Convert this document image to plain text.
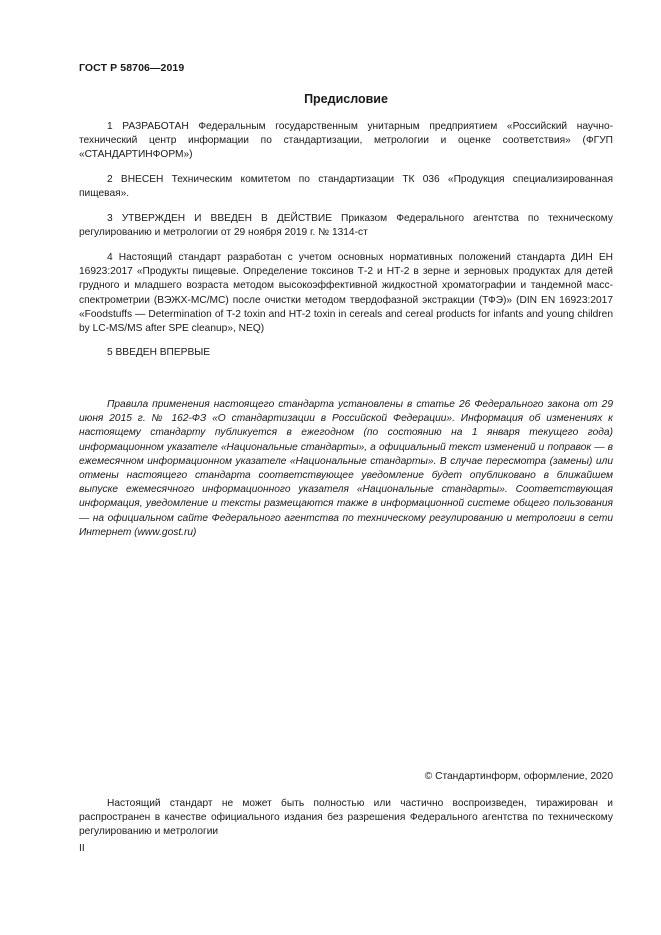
ГОСТ Р 58706—2019
Предисловие

1 РАЗРАБОТАН Федеральным государственным унитарным предприятием «Российский научно-технический центр информации по стандартизации, метрологии и оценке соответствия» (ФГУП «СТАНДАРТИНФОРМ»)

2 ВНЕСЕН Техническим комитетом по стандартизации ТК 036 «Продукция специализированная пищевая».

3 УТВЕРЖДЕН И ВВЕДЕН В ДЕЙСТВИЕ Приказом Федерального агентства по техническому регулированию и метрологии от 29 ноября 2019 г. № 1314-ст

4 Настоящий стандарт разработан с учетом основных нормативных положений стандарта ДИН ЕН 16923:2017 «Продукты пищевые. Определение токсинов Т-2 и НТ-2 в зерне и зерновых продуктах для детей грудного и младшего возраста методом высокоэффективной жидкостной хроматографии и тандемной масс-спектрометрии (ВЭЖХ-МС/МС) после очистки методом твердофазной экстракции (ТФЭ)» (DIN EN 16923:2017 «Foodstuffs — Determination of T-2 toxin and HT-2 toxin in cereals and cereal products for infants and young children by LC-MS/MS after SPE cleanup», NEQ)

5 ВВЕДЕН ВПЕРВЫЕ

Правила применения настоящего стандарта установлены в статье 26 Федерального закона от 29 июня 2015 г. № 162-ФЗ «О стандартизации в Российской Федерации». Информация об изменениях к настоящему стандарту публикуется в ежегодном (по состоянию на 1 января текущего года) информационном указателе «Национальные стандарты», а официальный текст изменений и поправок — в ежемесячном информационном указателе «Национальные стандарты». В случае пересмотра (замены) или отмены настоящего стандарта соответствующее уведомление будет опубликовано в ближайшем выпуске ежемесячного информационного указателя «Национальные стандарты». Соответствующая информация, уведомление и тексты размещаются также в информационной системе общего пользования — на официальном сайте Федерального агентства по техническому регулированию и метрологии в сети Интернет (www.gost.ru)

© Стандартинформ, оформление, 2020

Настоящий стандарт не может быть полностью или частично воспроизведен, тиражирован и распространен в качестве официального издания без разрешения Федерального агентства по техническому регулированию и метрологии

II
